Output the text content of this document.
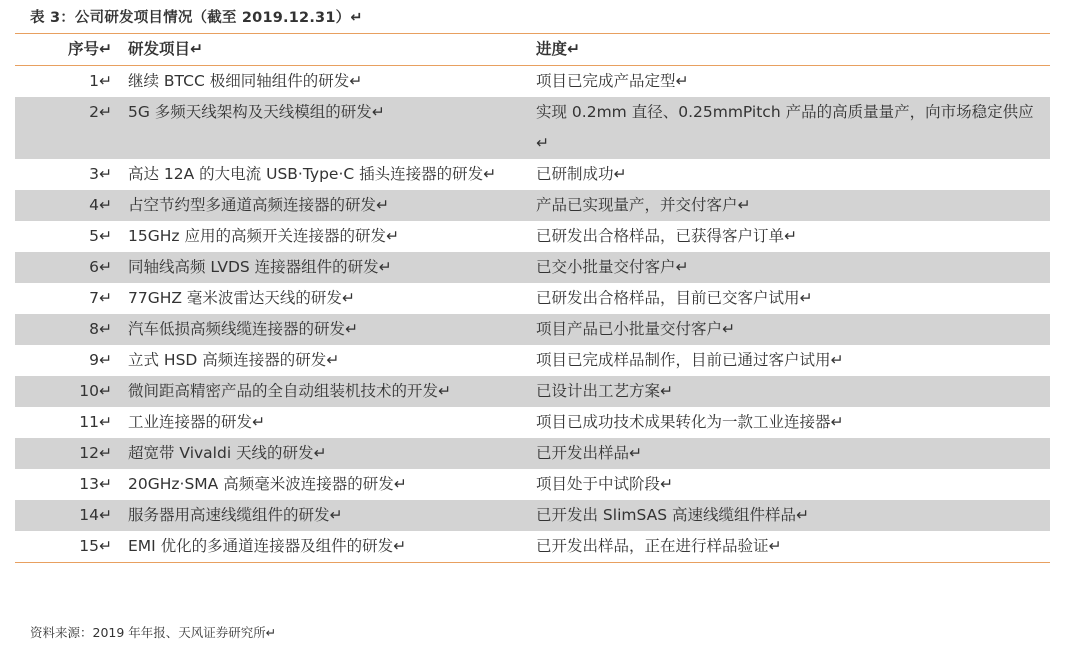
表 3：公司研发项目情况（截至 2019.12.31）↵
序号↵	研发项目↵	进度↵
1↵	继续 BTCC 极细同轴组件的研发↵	项目已完成产品定型↵
2↵	5G 多频天线架构及天线模组的研发↵	实现 0.2mm 直径、0.25mmPitch 产品的高质量量产，向市场稳定供应↵
3↵	高达 12A 的大电流 USB·Type·C 插头连接器的研发↵	已研制成功↵
4↵	占空节约型多通道高频连接器的研发↵	产品已实现量产，并交付客户↵
5↵	15GHz 应用的高频开关连接器的研发↵	已研发出合格样品，已获得客户订单↵
6↵	同轴线高频 LVDS 连接器组件的研发↵	已交小批量交付客户↵
7↵	77GHZ 毫米波雷达天线的研发↵	已研发出合格样品，目前已交客户试用↵
8↵	汽车低损高频线缆连接器的研发↵	项目产品已小批量交付客户↵
9↵	立式 HSD 高频连接器的研发↵	项目已完成样品制作，目前已通过客户试用↵
10↵	微间距高精密产品的全自动组装机技术的开发↵	已设计出工艺方案↵
11↵	工业连接器的研发↵	项目已成功技术成果转化为一款工业连接器↵
12↵	超宽带 Vivaldi 天线的研发↵	已开发出样品↵
13↵	20GHz·SMA 高频毫米波连接器的研发↵	项目处于中试阶段↵
14↵	服务器用高速线缆组件的研发↵	已开发出 SlimSAS 高速线缆组件样品↵
15↵	EMI 优化的多通道连接器及组件的研发↵	已开发出样品，正在进行样品验证↵
资料来源：2019 年年报、天风证券研究所↵
